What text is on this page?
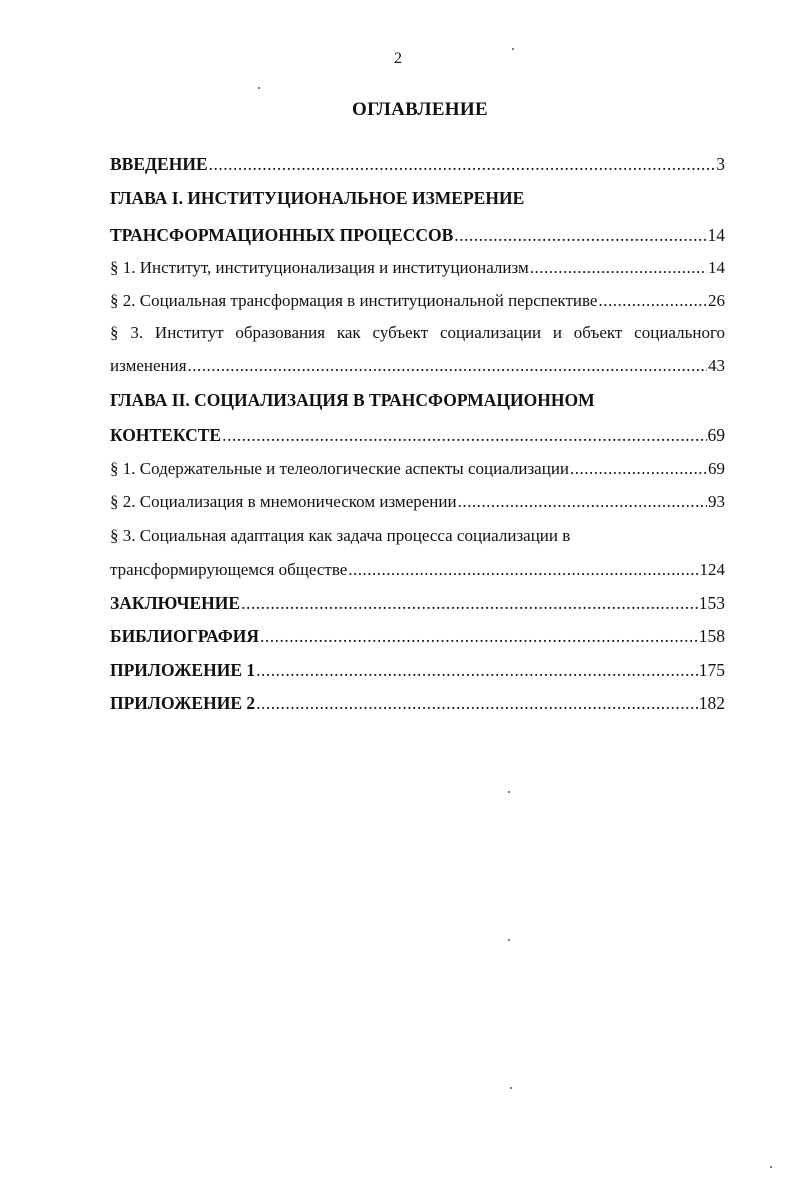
2
ОГЛАВЛЕНИЕ
ВВЕДЕНИЕ .....	3
ГЛАВА I. ИНСТИТУЦИОНАЛЬНОЕ ИЗМЕРЕНИЕ
ТРАНСФОРМАЦИОННЫХ ПРОЦЕССОВ .....	14
§ 1. Институт, институционализация и институционализм .....	14
§ 2. Социальная трансформация в институциональной перспективе .....	26
§ 3. Институт образования как субъект социализации и объект социального
изменения .....	43
ГЛАВА II. СОЦИАЛИЗАЦИЯ В ТРАНСФОРМАЦИОННОМ
КОНТЕКСТЕ .....	69
§ 1. Содержательные и телеологические аспекты социализации .....	69
§ 2. Социализация в мнемоническом измерении .....	93
§ 3. Социальная адаптация как задача процесса социализации в
трансформирующемся обществе .....	124
ЗАКЛЮЧЕНИЕ .....	153
БИБЛИОГРАФИЯ .....	158
ПРИЛОЖЕНИЕ 1 .....	175
ПРИЛОЖЕНИЕ 2 .....	182
